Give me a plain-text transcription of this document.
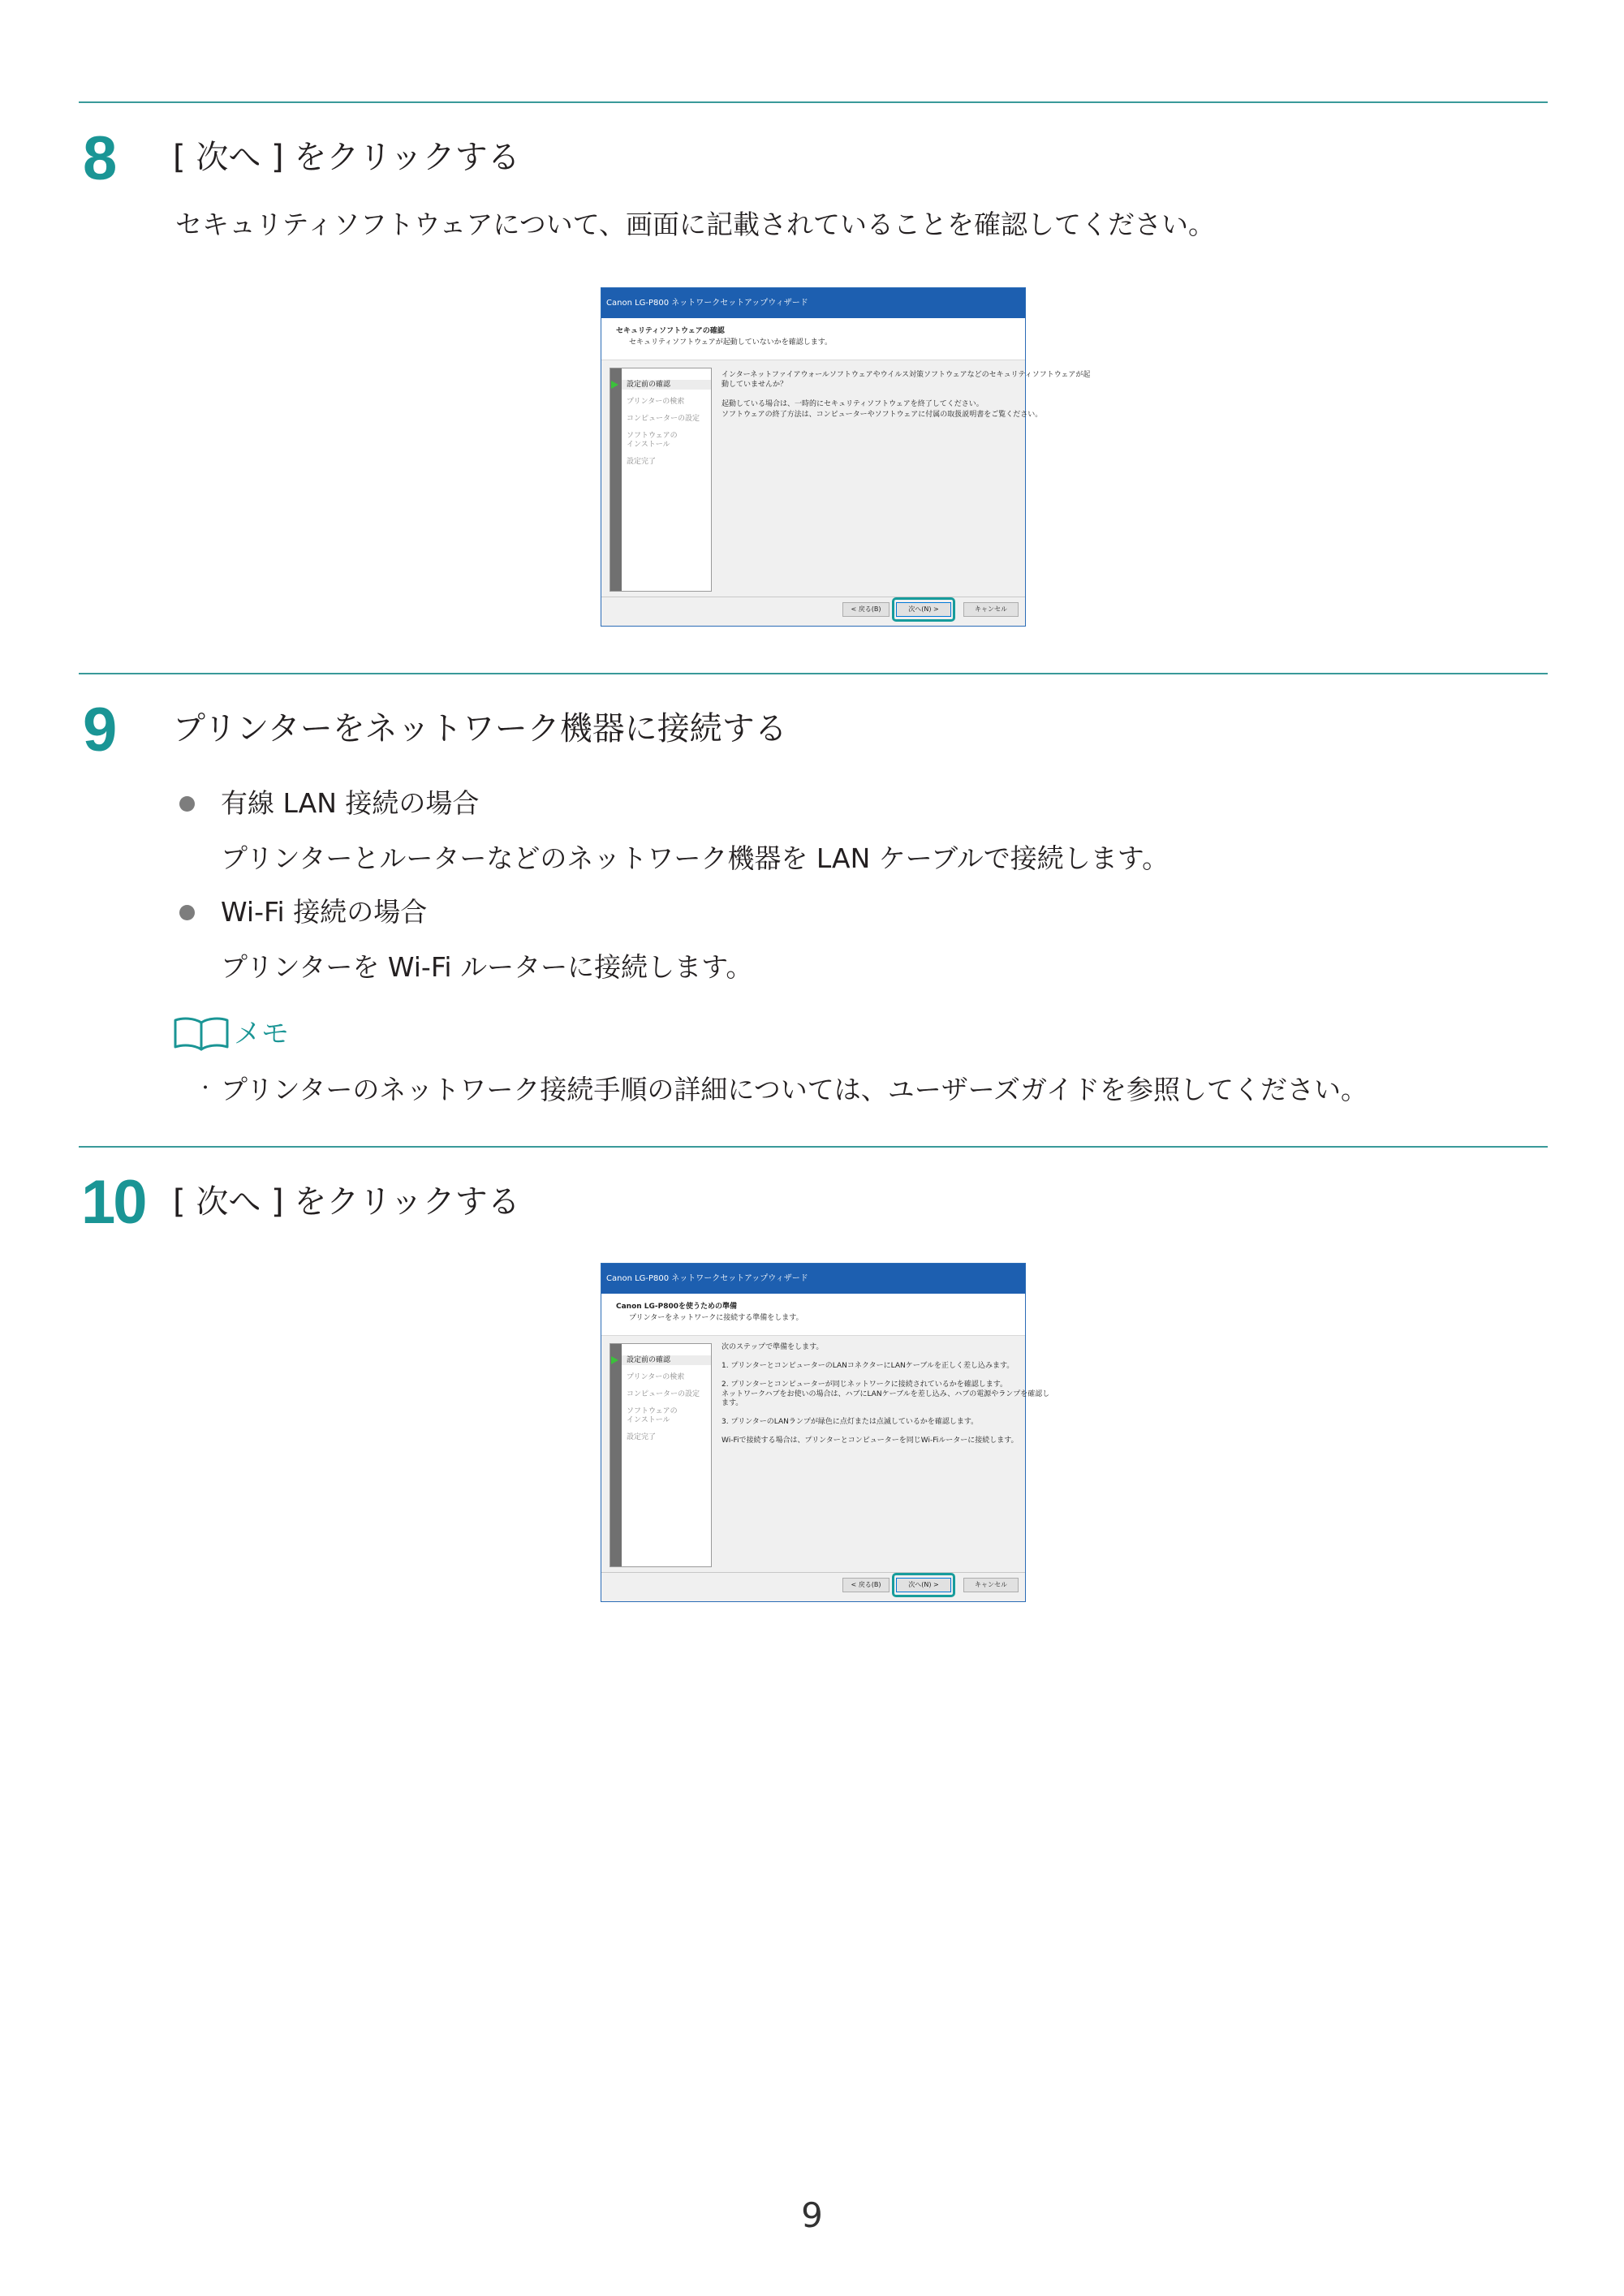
8 [ 次へ ] をクリックする
セキュリティソフトウェアについて、画面に記載されていることを確認してください。
Canon LG-P800 ネットワークセットアップウィザード
セキュリティソフトウェアの確認
セキュリティソフトウェアが起動していないかを確認します。
設定前の確認
プリンターの検索
コンピューターの設定
ソフトウェアの
インストール
設定完了
インターネットファイアウォールソフトウェアやウイルス対策ソフトウェアなどのセキュリティソフトウェアが起
動していませんか？

起動している場合は、一時的にセキュリティソフトウェアを終了してください。
ソフトウェアの終了方法は、コンピューターやソフトウェアに付属の取扱説明書をご覧ください。
< 戻る(B)	次へ(N) >	キャンセル
9 プリンターをネットワーク機器に接続する
有線 LAN 接続の場合
プリンターとルーターなどのネットワーク機器を LAN ケーブルで接続します。
Wi-Fi 接続の場合
プリンターを Wi-Fi ルーターに接続します。
メモ
・ プリンターのネットワーク接続手順の詳細については、ユーザーズガイドを参照してください。
10 [ 次へ ] をクリックする
Canon LG-P800 ネットワークセットアップウィザード
Canon LG-P800を使うための準備
プリンターをネットワークに接続する準備をします。
設定前の確認
プリンターの検索
コンピューターの設定
ソフトウェアの
インストール
設定完了
次のステップで準備をします。

1. プリンターとコンピューターのLANコネクターにLANケーブルを正しく差し込みます。

2. プリンターとコンピューターが同じネットワークに接続されているかを確認します。
ネットワークハブをお使いの場合は、ハブにLANケーブルを差し込み、ハブの電源やランプを確認し
ます。

3. プリンターのLANランプが緑色に点灯または点滅しているかを確認します。

Wi-Fiで接続する場合は、プリンターとコンピューターを同じWi-Fiルーターに接続します。
< 戻る(B)	次へ(N) >	キャンセル
9
